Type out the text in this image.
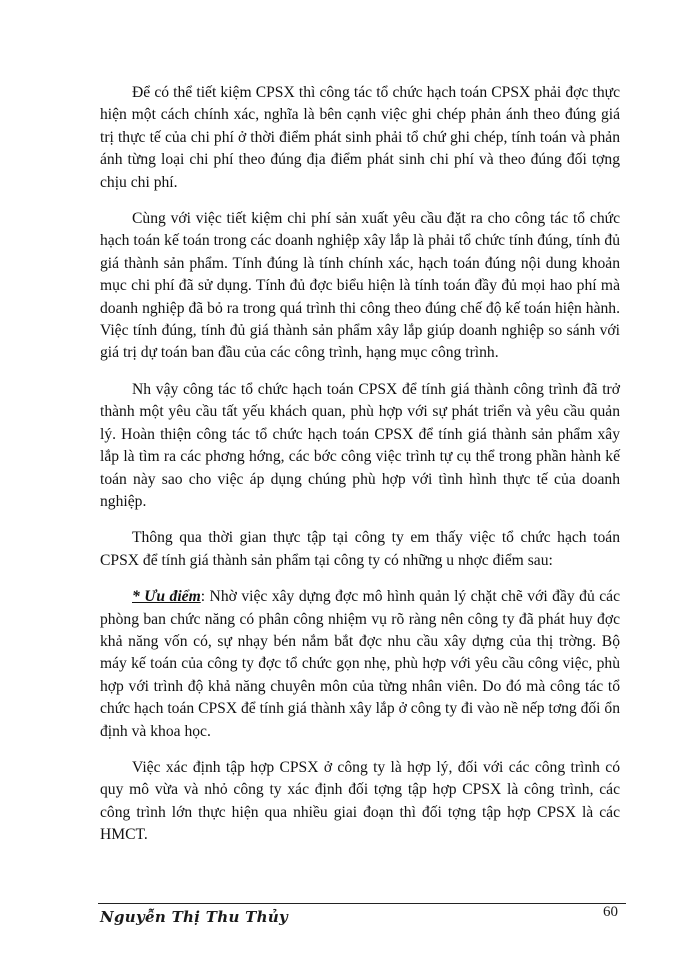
Để có thể tiết kiệm CPSX thì công tác tổ chức hạch toán CPSX phải đợc thực hiện một cách chính xác, nghĩa là bên cạnh việc ghi chép phản ánh theo đúng giá trị thực tế của chi phí ở thời điểm phát sinh phải tổ chứ ghi chép, tính toán và phản ánh từng loại chi phí theo đúng địa điểm phát sinh chi phí và theo đúng đối tợng chịu chi phí.

Cùng với việc tiết kiệm chi phí sản xuất yêu cầu đặt ra cho công tác tổ chức hạch toán kế toán trong các doanh nghiệp xây lắp là phải tổ chức tính đúng, tính đủ giá thành sản phẩm. Tính đúng là tính chính xác, hạch toán đúng nội dung khoản mục chi phí đã sử dụng. Tính đủ đợc biểu hiện là tính toán đầy đủ mọi hao phí mà doanh nghiệp đã bỏ ra trong quá trình thi công theo đúng chế độ kế toán hiện hành. Việc tính đúng, tính đủ giá thành sản phẩm xây lắp giúp doanh nghiệp so sánh với giá trị dự toán ban đầu của các công trình, hạng mục công trình.

Nh vậy công tác tổ chức hạch toán CPSX để tính giá thành công trình đã trở thành một yêu cầu tất yếu khách quan, phù hợp với sự phát triển và yêu cầu quản lý. Hoàn thiện công tác tổ chức hạch toán CPSX để tính giá thành sản phẩm xây lắp là tìm ra các phơng hớng, các bớc công việc trình tự cụ thể trong phần hành kế toán này sao cho việc áp dụng chúng phù hợp với tình hình thực tế của doanh nghiệp.

Thông qua thời gian thực tập tại công ty em thấy việc tổ chức hạch toán CPSX để tính giá thành sản phẩm tại công ty có những u nhợc điểm sau:

* Ưu điểm: Nhờ việc xây dựng đợc mô hình quản lý chặt chẽ với đầy đủ các phòng ban chức năng có phân công nhiệm vụ rõ ràng nên công ty đã phát huy đợc khả năng vốn có, sự nhạy bén nắm bắt đợc nhu cầu xây dựng của thị trờng. Bộ máy kế toán của công ty đợc tổ chức gọn nhẹ, phù hợp với yêu cầu công việc, phù hợp với trình độ khả năng chuyên môn của từng nhân viên. Do đó mà công tác tổ chức hạch toán CPSX để tính giá thành xây lắp ở công ty đi vào nề nếp tơng đối ổn định và khoa học.

Việc xác định tập hợp CPSX ở công ty là hợp lý, đối với các công trình có quy mô vừa và nhỏ công ty xác định đối tợng tập hợp CPSX là công trình, các công trình lớn thực hiện qua nhiều giai đoạn thì đối tợng tập hợp CPSX là các HMCT.

Nguyễn Thị Thu Thủy	60
